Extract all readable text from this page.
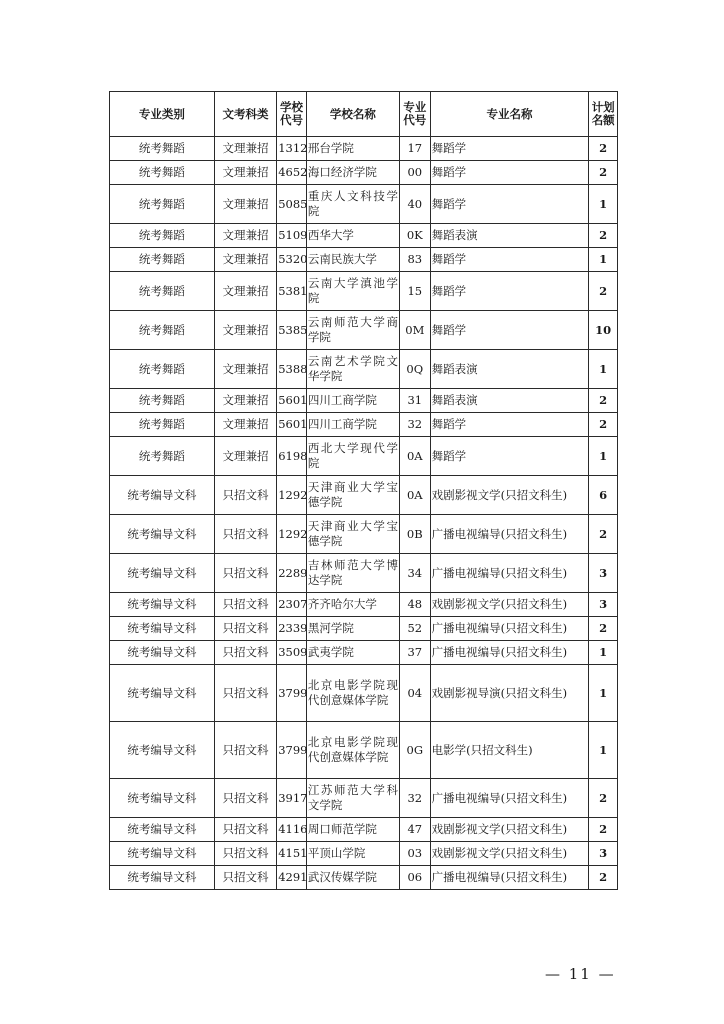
专业类别	文考科类	学校代号	学校名称	专业代号	专业名称	计划名额
统考舞蹈	文理兼招	1312	邢台学院	17	舞蹈学	2
统考舞蹈	文理兼招	4652	海口经济学院	00	舞蹈学	2
统考舞蹈	文理兼招	5085	重庆人文科技学院	40	舞蹈学	1
统考舞蹈	文理兼招	5109	西华大学	0K	舞蹈表演	2
统考舞蹈	文理兼招	5320	云南民族大学	83	舞蹈学	1
统考舞蹈	文理兼招	5381	云南大学滇池学院	15	舞蹈学	2
统考舞蹈	文理兼招	5385	云南师范大学商学院	0M	舞蹈学	10
统考舞蹈	文理兼招	5388	云南艺术学院文华学院	0Q	舞蹈表演	1
统考舞蹈	文理兼招	5601	四川工商学院	31	舞蹈表演	2
统考舞蹈	文理兼招	5601	四川工商学院	32	舞蹈学	2
统考舞蹈	文理兼招	6198	西北大学现代学院	0A	舞蹈学	1
统考编导文科	只招文科	1292	天津商业大学宝德学院	0A	戏剧影视文学(只招文科生)	6
统考编导文科	只招文科	1292	天津商业大学宝德学院	0B	广播电视编导(只招文科生)	2
统考编导文科	只招文科	2289	吉林师范大学博达学院	34	广播电视编导(只招文科生)	3
统考编导文科	只招文科	2307	齐齐哈尔大学	48	戏剧影视文学(只招文科生)	3
统考编导文科	只招文科	2339	黑河学院	52	广播电视编导(只招文科生)	2
统考编导文科	只招文科	3509	武夷学院	37	广播电视编导(只招文科生)	1
统考编导文科	只招文科	3799	北京电影学院现代创意媒体学院	04	戏剧影视导演(只招文科生)	1
统考编导文科	只招文科	3799	北京电影学院现代创意媒体学院	0G	电影学(只招文科生)	1
统考编导文科	只招文科	3917	江苏师范大学科文学院	32	广播电视编导(只招文科生)	2
统考编导文科	只招文科	4116	周口师范学院	47	戏剧影视文学(只招文科生)	2
统考编导文科	只招文科	4151	平顶山学院	03	戏剧影视文学(只招文科生)	3
统考编导文科	只招文科	4291	武汉传媒学院	06	广播电视编导(只招文科生)	2
— 11 —
